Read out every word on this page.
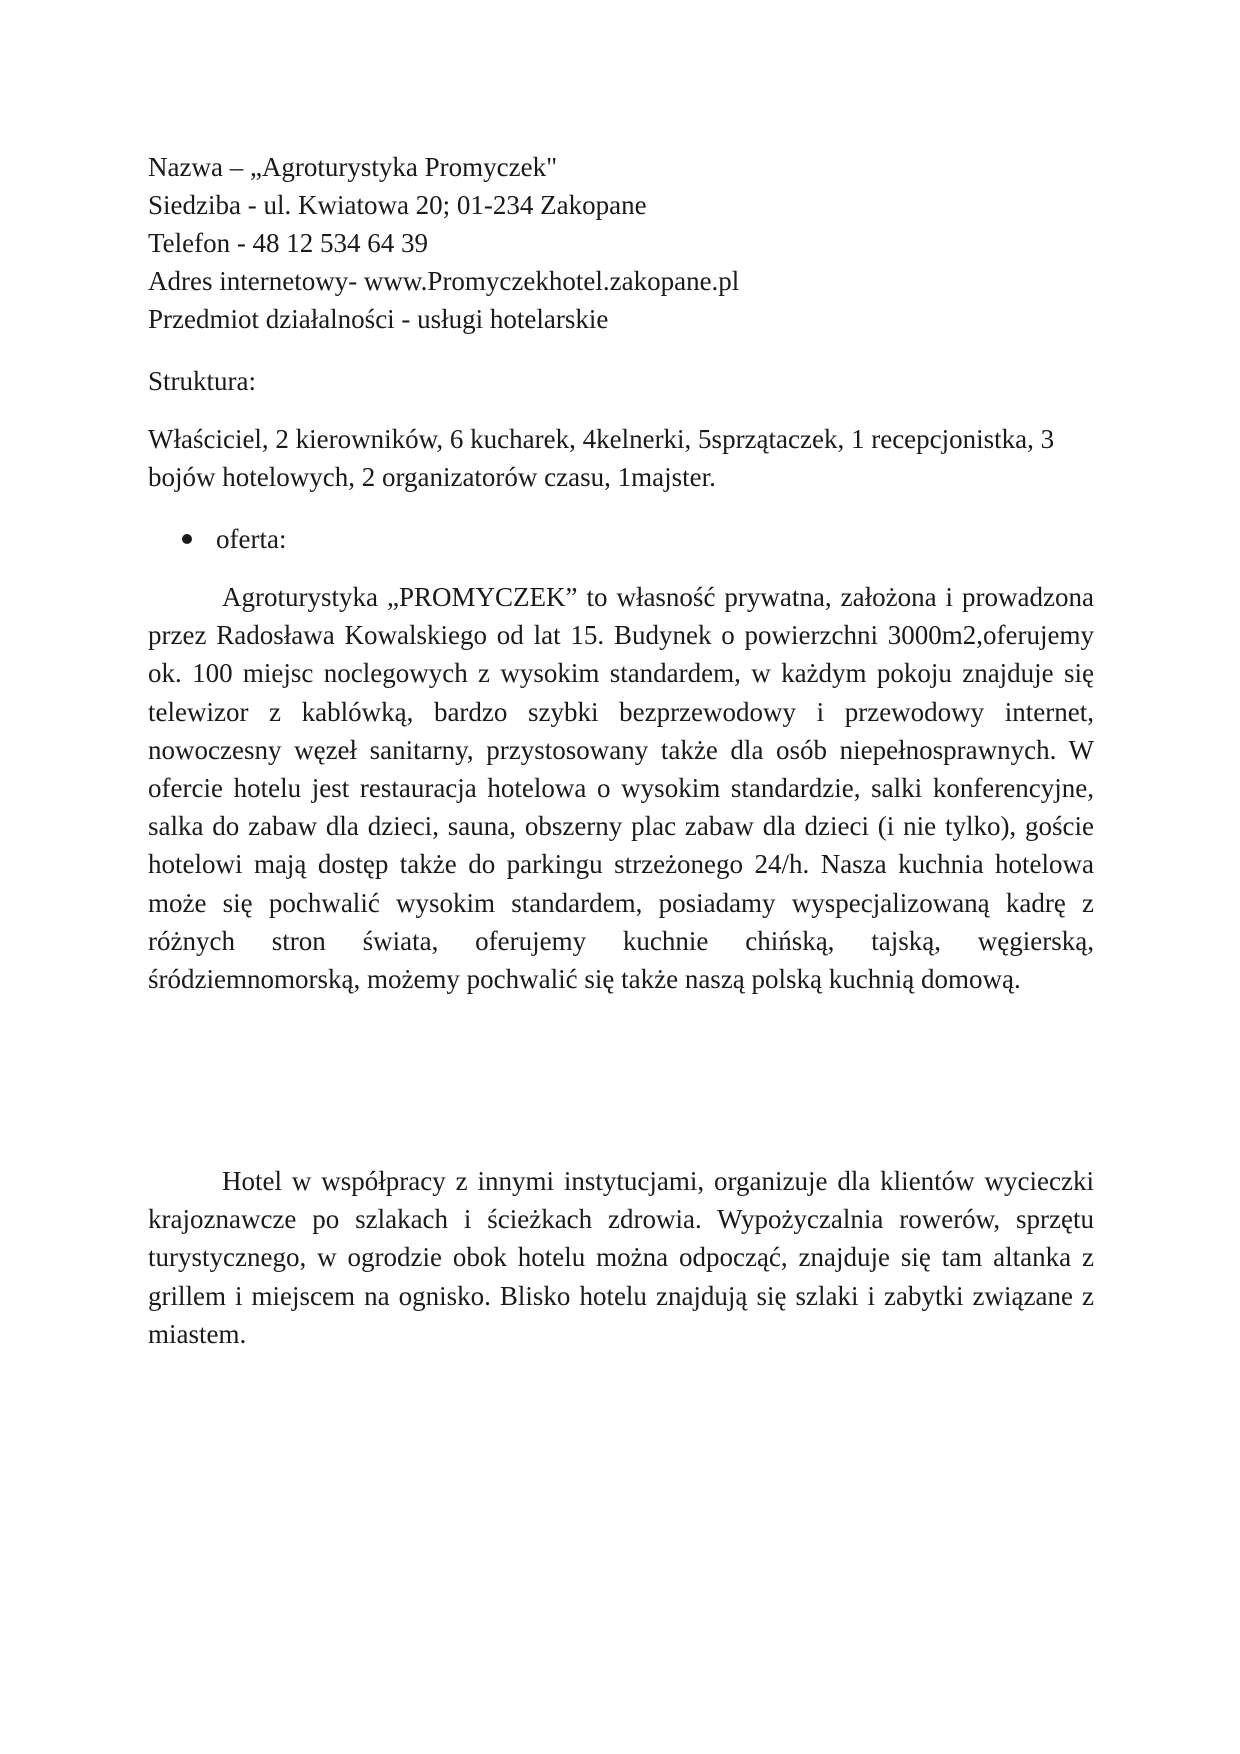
Nazwa – „Agroturystyka Promyczek"
Siedziba - ul. Kwiatowa 20; 01-234 Zakopane
Telefon - 48 12 534 64 39
Adres internetowy- www.Promyczekhotel.zakopane.pl
Przedmiot działalności - usługi hotelarskie
Struktura:
Właściciel, 2 kierowników, 6 kucharek, 4kelnerki, 5sprzątaczek, 1 recepcjonistka, 3 bojów hotelowych, 2 organizatorów czasu, 1majster.
oferta:

Agroturystyka „PROMYCZEK” to własność prywatna, założona i prowadzona przez Radosława Kowalskiego od lat 15. Budynek o powierzchni 3000m2,oferujemy ok. 100 miejsc noclegowych z wysokim standardem, w każdym pokoju znajduje się telewizor z kablówką, bardzo szybki bezprzewodowy i przewodowy internet, nowoczesny węzeł sanitarny, przystosowany także dla osób niepełnosprawnych. W ofercie hotelu jest restauracja hotelowa o wysokim standardzie, salki konferencyjne, salka do zabaw dla dzieci, sauna, obszerny plac zabaw dla dzieci (i nie tylko), goście hotelowi mają dostęp także do parkingu strzeżonego 24/h. Nasza kuchnia hotelowa może się pochwalić wysokim standardem, posiadamy wyspecjalizowaną kadrę z różnych stron świata, oferujemy kuchnie chińską, tajską, węgierską, śródziemnomorską, możemy pochwalić się także naszą polską kuchnią domową.

Hotel w współpracy z innymi instytucjami, organizuje dla klientów wycieczki krajoznawcze po szlakach i ścieżkach zdrowia. Wypożyczalnia rowerów, sprzętu turystycznego, w ogrodzie obok hotelu można odpocząć, znajduje się tam altanka z grillem i miejscem na ognisko. Blisko hotelu znajdują się szlaki i zabytki związane z miastem.
